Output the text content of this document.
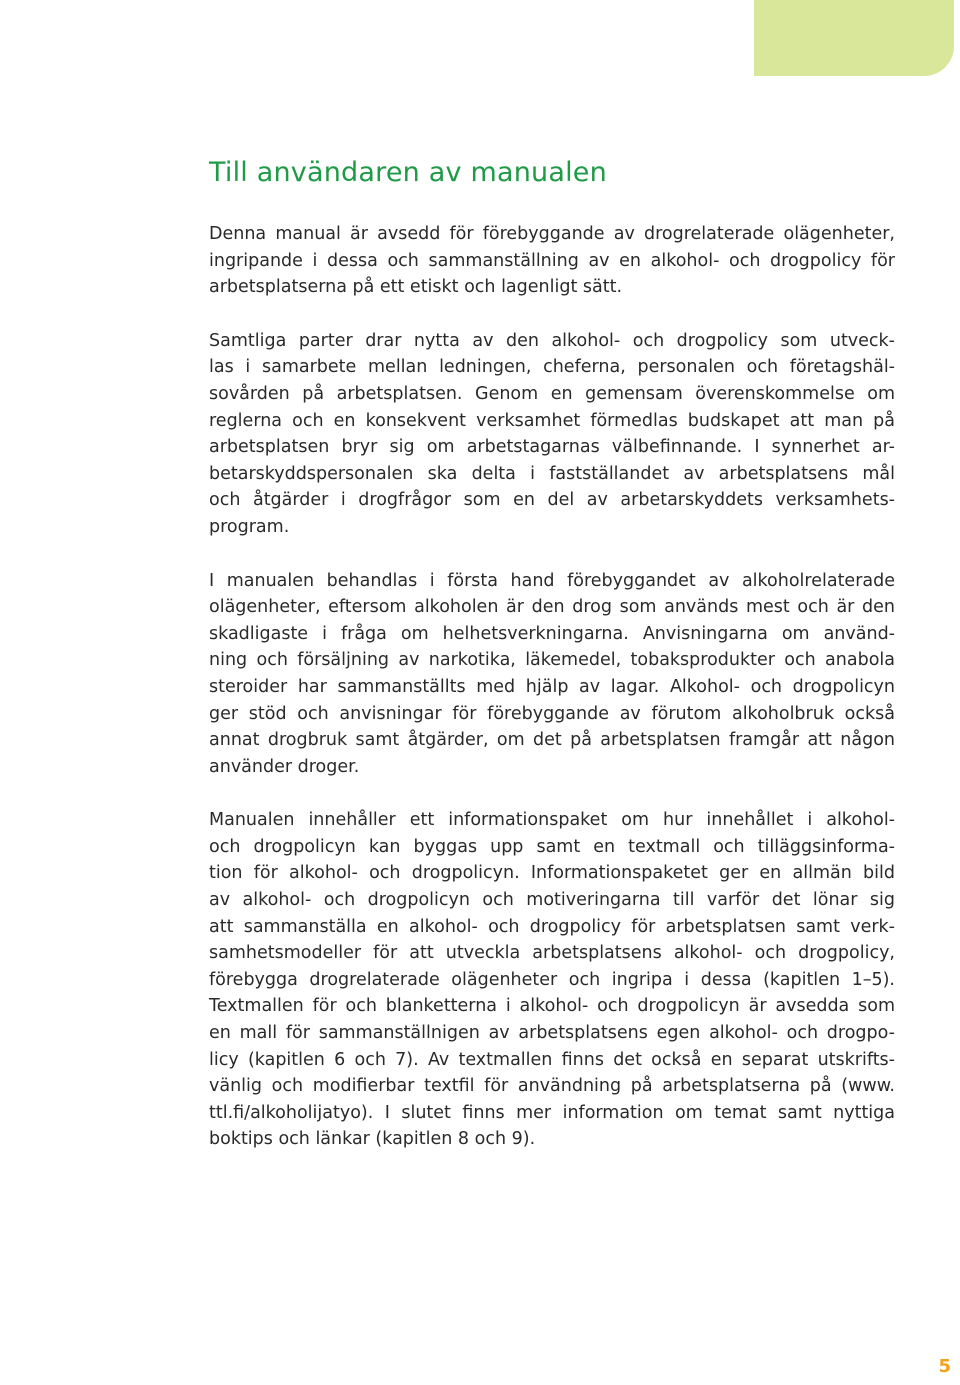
Till användaren av manualen
Denna manual är avsedd för förebyggande av drogrelaterade olägenheter,
ingripande i dessa och sammanställning av en alkohol- och drogpolicy för
arbetsplatserna på ett etiskt och lagenligt sätt.
Samtliga parter drar nytta av den alkohol- och drogpolicy som utveck-
las i samarbete mellan ledningen, cheferna, personalen och företagshäl-
sovården på arbetsplatsen. Genom en gemensam överenskommelse om
reglerna och en konsekvent verksamhet förmedlas budskapet att man på
arbetsplatsen bryr sig om arbetstagarnas välbefinnande. I synnerhet ar-
betarskyddspersonalen ska delta i fastställandet av arbetsplatsens mål
och åtgärder i drogfrågor som en del av arbetarskyddets verksamhets-
program.
I manualen behandlas i första hand förebyggandet av alkoholrelaterade
olägenheter, eftersom alkoholen är den drog som används mest och är den
skadligaste i fråga om helhetsverkningarna. Anvisningarna om använd-
ning och försäljning av narkotika, läkemedel, tobaksprodukter och anabola
steroider har sammanställts med hjälp av lagar. Alkohol- och drogpolicyn
ger stöd och anvisningar för förebyggande av förutom alkoholbruk också
annat drogbruk samt åtgärder, om det på arbetsplatsen framgår att någon
använder droger.
Manualen innehåller ett informationspaket om hur innehållet i alkohol-
och drogpolicyn kan byggas upp samt en textmall och tilläggsinforma-
tion för alkohol- och drogpolicyn. Informationspaketet ger en allmän bild
av alkohol- och drogpolicyn och motiveringarna till varför det lönar sig
att sammanställa en alkohol- och drogpolicy för arbetsplatsen samt verk-
samhetsmodeller för att utveckla arbetsplatsens alkohol- och drogpolicy,
förebygga drogrelaterade olägenheter och ingripa i dessa (kapitlen 1–5).
Textmallen för och blanketterna i alkohol- och drogpolicyn är avsedda som
en mall för sammanställnigen av arbetsplatsens egen alkohol- och drogpo-
licy (kapitlen 6 och 7). Av textmallen finns det också en separat utskrifts-
vänlig och modifierbar textfil för användning på arbetsplatserna på (www.
ttl.fi/alkoholijatyo). I slutet finns mer information om temat samt nyttiga
boktips och länkar (kapitlen 8 och 9).
5
